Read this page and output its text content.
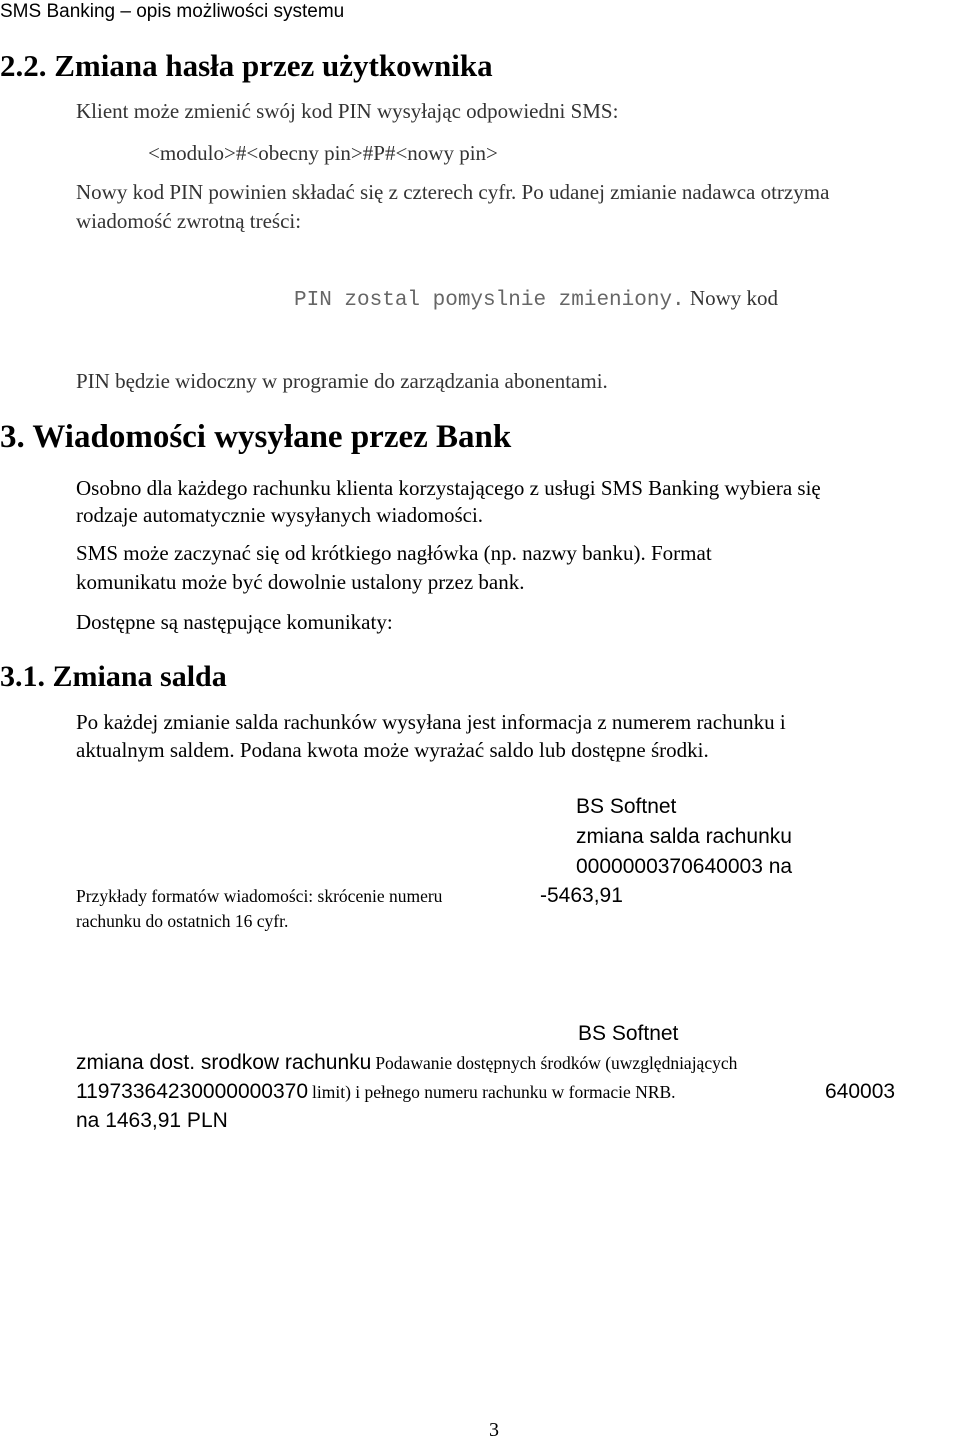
SMS Banking – opis możliwości systemu
2.2. Zmiana hasła przez użytkownika
Klient może zmienić swój kod PIN wysyłając odpowiedni SMS:
<modulo>#<obecny pin>#P#<nowy pin>
Nowy kod PIN powinien składać się z czterech cyfr. Po udanej zmianie nadawca otrzyma
wiadomość zwrotną treści:
PIN zostal pomyslnie zmieniony. Nowy kod
PIN będzie widoczny w programie do zarządzania abonentami.
3. Wiadomości wysyłane przez Bank
Osobno dla każdego rachunku klienta korzystającego z usługi SMS Banking wybiera się
rodzaje automatycznie wysyłanych wiadomości.
SMS może zaczynać się od krótkiego nagłówka (np. nazwy banku). Format
komunikatu może być dowolnie ustalony przez bank.
Dostępne są następujące komunikaty:
3.1. Zmiana salda
Po każdej zmianie salda rachunków wysyłana jest informacja z numerem rachunku i
aktualnym saldem. Podana kwota może wyrażać saldo lub dostępne środki.
BS Softnet
zmiana salda rachunku
0000000370640003 na
-5463,91
Przykłady formatów wiadomości: skrócenie numeru
rachunku do ostatnich 16 cyfr.
BS Softnet
zmiana dost. srodkow rachunku Podawanie dostępnych środków (uwzględniających
11973364230000000370 limit) i pełnego numeru rachunku w formacie NRB.	640003
na 1463,91 PLN
3
